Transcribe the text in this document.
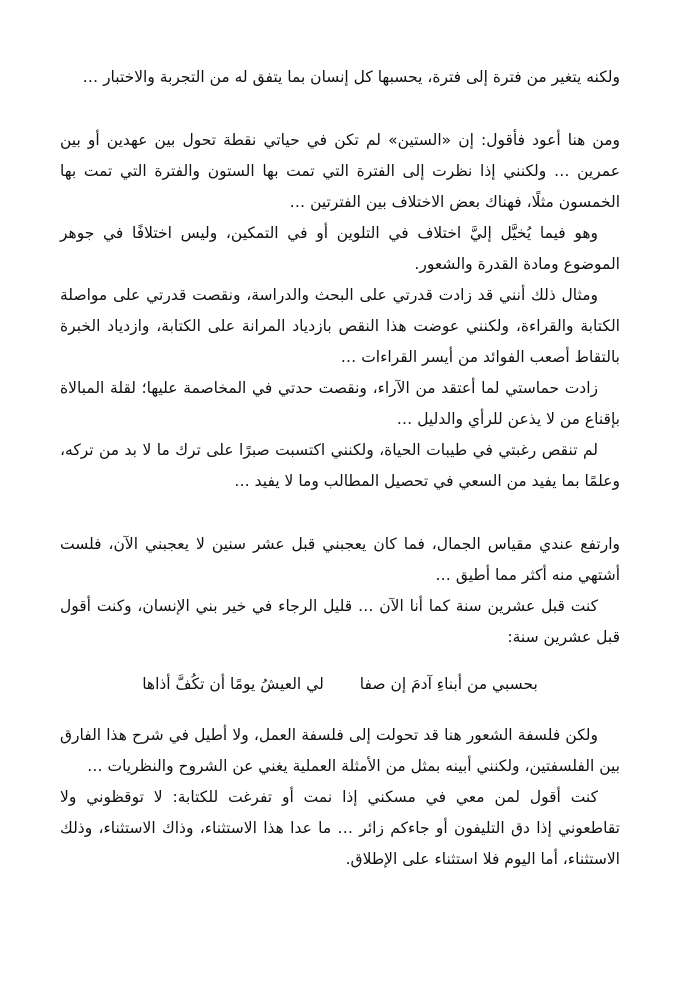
ولكنه يتغير من فترة إلى فترة، يحسبها كل إنسان بما يتفق له من التجربة والاختبار …

ومن هنا أعود فأقول: إن «الستين» لم تكن في حياتي نقطة تحول بين عهدين أو بين عمرين … ولكنني إذا نظرت إلى الفترة التي تمت بها الستون والفترة التي تمت بها الخمسون مثلًا، فهناك بعض الاختلاف بين الفترتين …

وهو فيما يُخيَّل إليَّ اختلاف في التلوين أو في التمكين، وليس اختلافًا في جوهر الموضوع ومادة القدرة والشعور.

ومثال ذلك أنني قد زادت قدرتي على البحث والدراسة، ونقصت قدرتي على مواصلة الكتابة والقراءة، ولكنني عوضت هذا النقص بازدياد المرانة على الكتابة، وازدياد الخبرة بالتقاط أصعب الفوائد من أيسر القراءات …

زادت حماستي لما أعتقد من الآراء، ونقصت حدتي في المخاصمة عليها؛ لقلة المبالاة بإقناع من لا يذعن للرأي والدليل …

لم تنقص رغبتي في طيبات الحياة، ولكنني اكتسبت صبرًا على ترك ما لا بد من تركه، وعلمًا بما يفيد من السعي في تحصيل المطالب وما لا يفيد …

وارتفع عندي مقياس الجمال، فما كان يعجبني قبل عشر سنين لا يعجبني الآن، فلست أشتهي منه أكثر مما أطيق …

كنت قبل عشرين سنة كما أنا الآن … قليل الرجاء في خير بني الإنسان، وكنت أقول قبل عشرين سنة:

بحسبي من أبناءِ آدمَ إن صفا
لي العيشُ يومًا أن تكُفَّ أذاها

ولكن فلسفة الشعور هنا قد تحولت إلى فلسفة العمل، ولا أطيل في شرح هذا الفارق بين الفلسفتين، ولكنني أبينه بمثل من الأمثلة العملية يغني عن الشروح والنظريات …

كنت أقول لمن معي في مسكني إذا نمت أو تفرغت للكتابة: لا توقظوني ولا تقاطعوني إذا دق التليفون أو جاءكم زائر … ما عدا هذا الاستثناء، وذاك الاستثناء، وذلك الاستثناء، أما اليوم فلا استثناء على الإطلاق.
